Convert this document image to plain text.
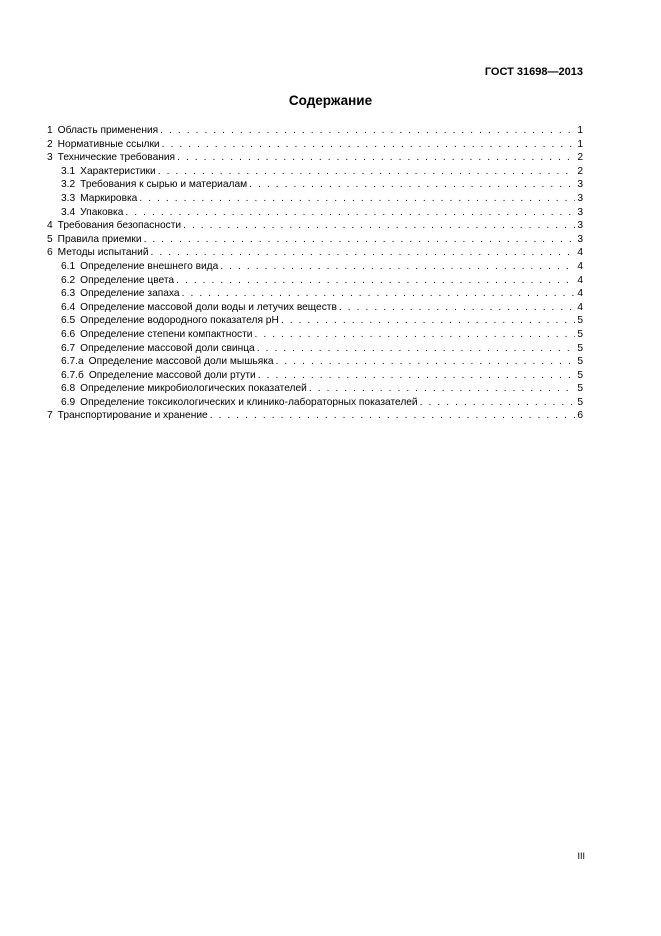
ГОСТ 31698—2013
Содержание
1 Область применения . . .	1
2 Нормативные ссылки . . .	1
3 Технические требования . . .	2
3.1 Характеристики . . .	2
3.2 Требования к сырью и материалам . . .	3
3.3 Маркировка . . .	3
3.4 Упаковка . . .	3
4 Требования безопасности . . .	3
5 Правила приемки . . .	3
6 Методы испытаний . . .	4
6.1 Определение внешнего вида . . .	4
6.2 Определение цвета . . .	4
6.3 Определение запаха . . .	4
6.4 Определение массовой доли воды и летучих веществ . . .	4
6.5 Определение водородного показателя pH . . .	5
6.6 Определение степени компактности . . .	5
6.7 Определение массовой доли свинца . . .	5
6.7.а Определение массовой доли мышьяка . . .	5
6.7.б Определение массовой доли ртути . . .	5
6.8 Определение микробиологических показателей . . .	5
6.9 Определение токсикологических и клинико-лабораторных показателей . . .	5
7 Транспортирование и хранение . . .	6
III
